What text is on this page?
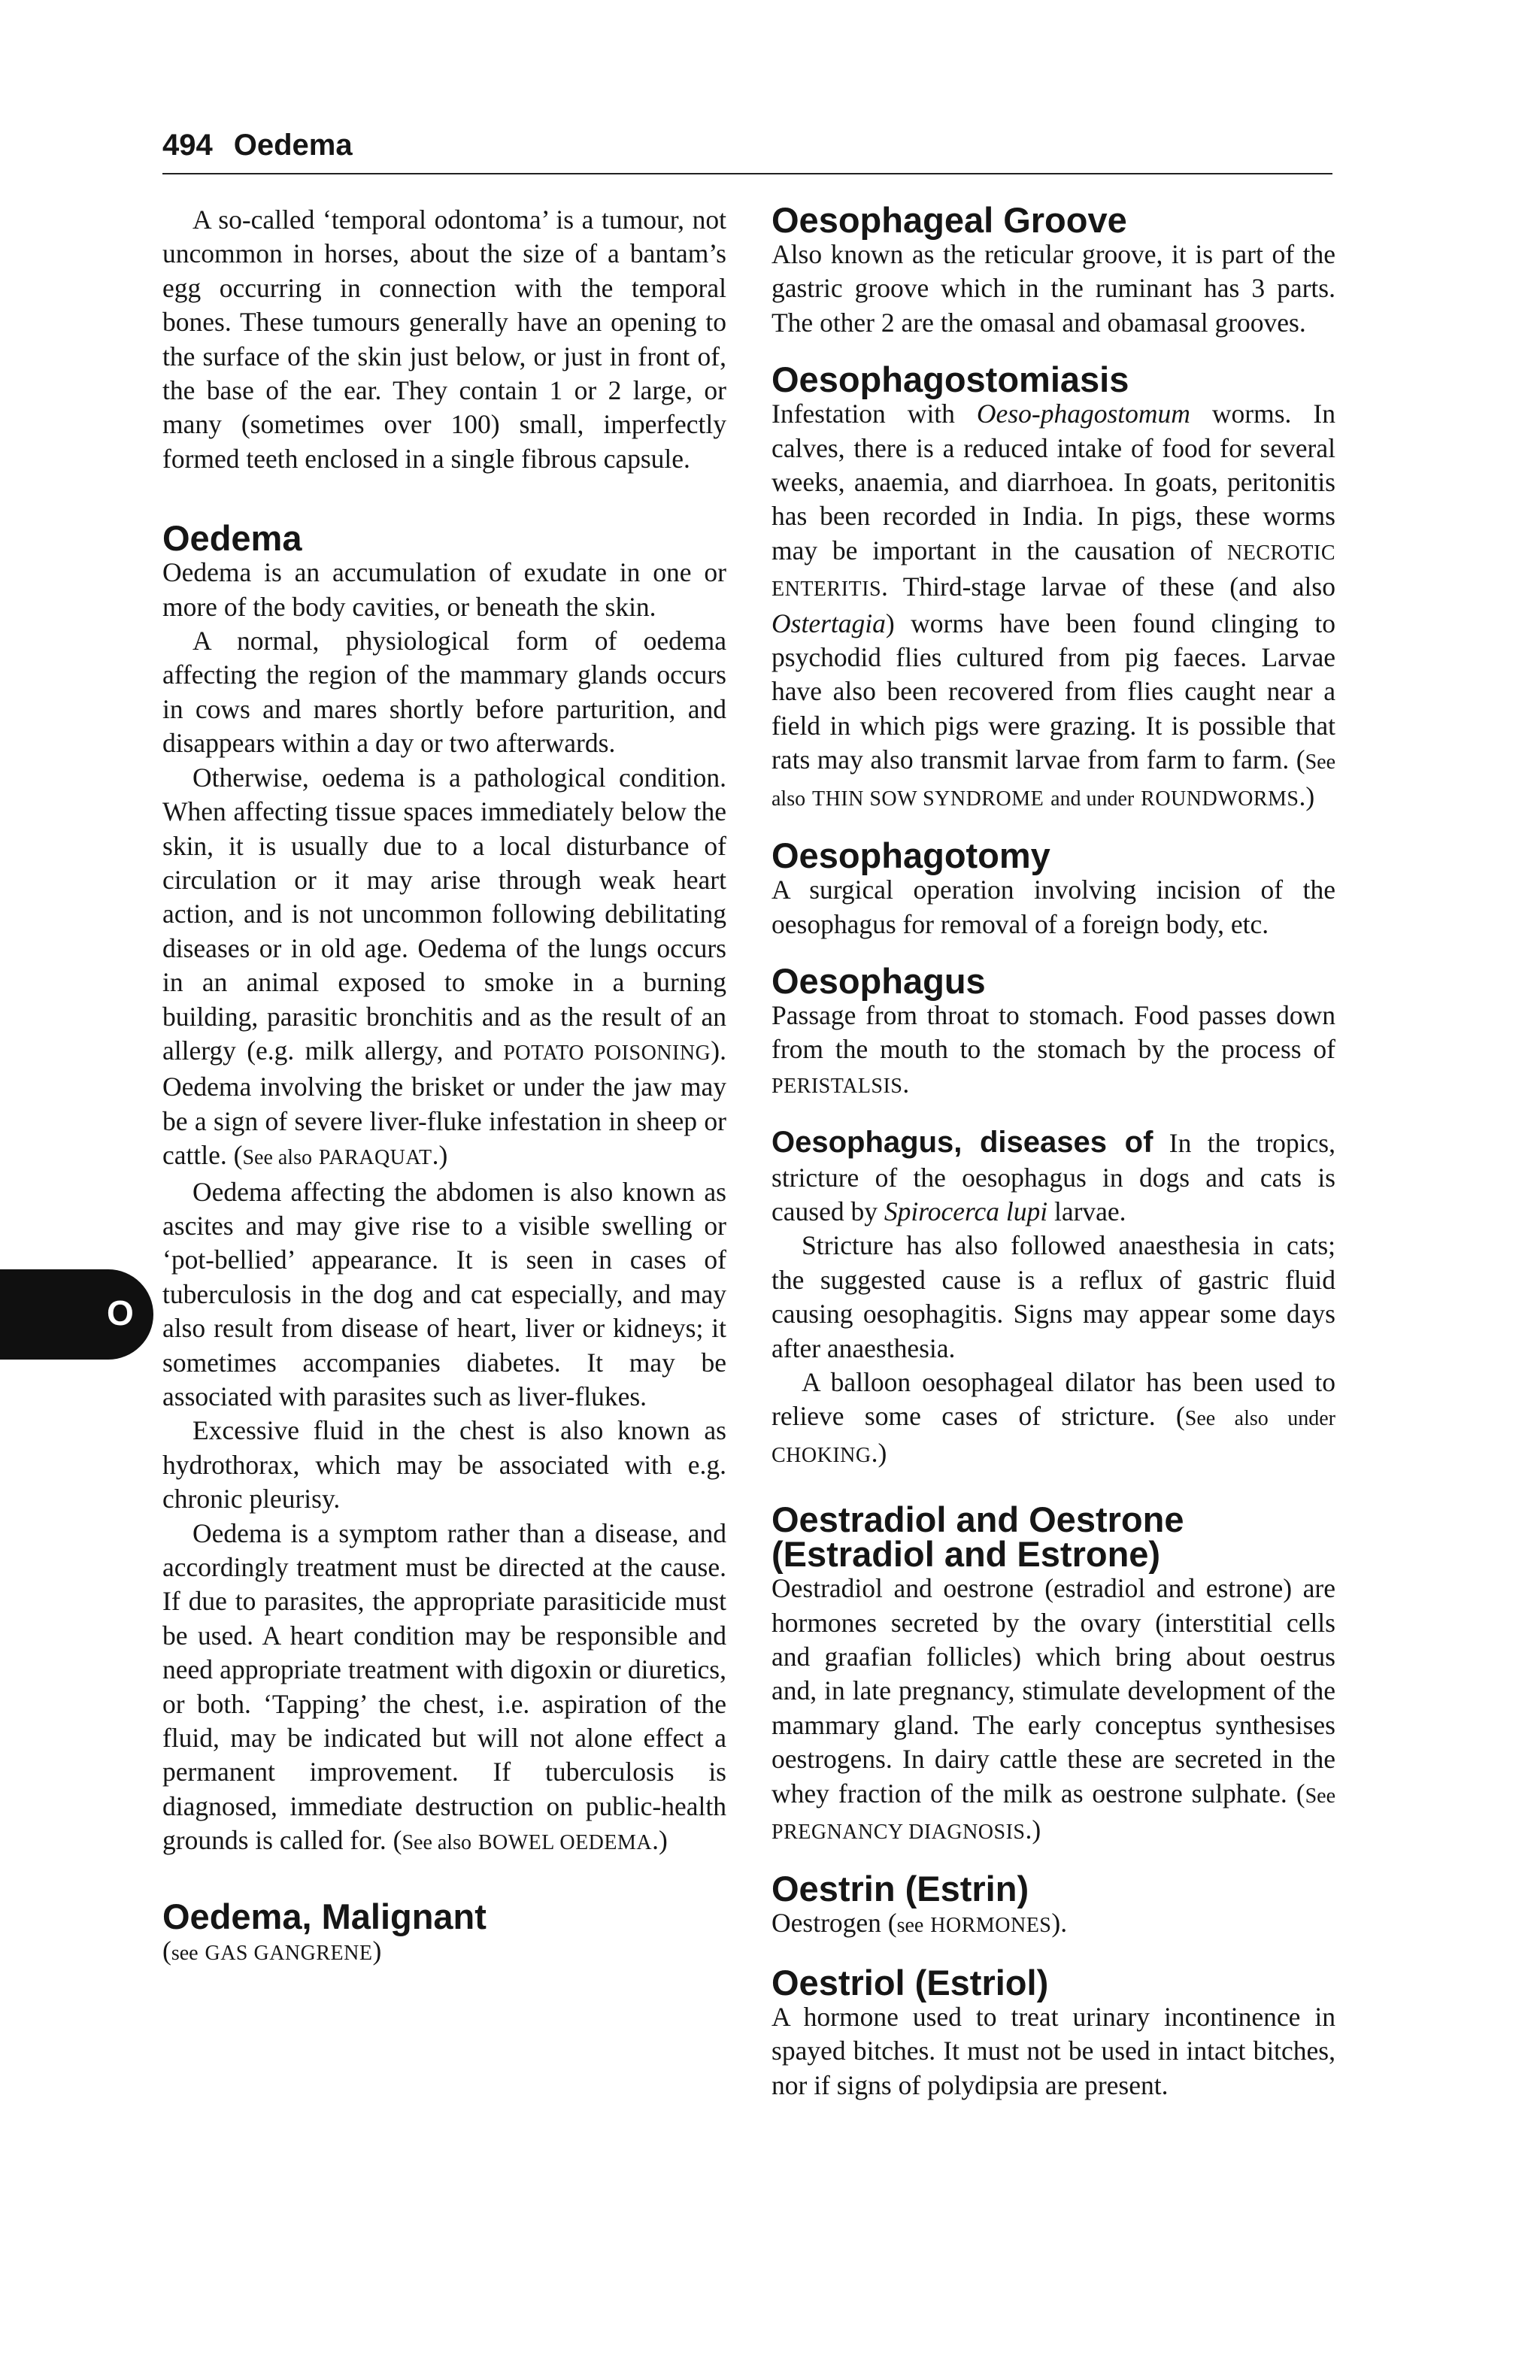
494 Oedema
O

A so-called ‘temporal odontoma’ is a tumour, not uncommon in horses, about the size of a bantam’s egg occurring in connection with the temporal bones. These tumours generally have an opening to the surface of the skin just below, or just in front of, the base of the ear. They contain 1 or 2 large, or many (sometimes over 100) small, imperfectly formed teeth enclosed in a single fibrous capsule.

Oedema

Oedema is an accumulation of exudate in one or more of the body cavities, or beneath the skin.

A normal, physiological form of oedema affecting the region of the mammary glands occurs in cows and mares shortly before parturition, and disappears within a day or two afterwards.

Otherwise, oedema is a pathological condition. When affecting tissue spaces immediately below the skin, it is usually due to a local disturbance of circulation or it may arise through weak heart action, and is not uncommon following debilitating diseases or in old age. Oedema of the lungs occurs in an animal exposed to smoke in a burning building, parasitic bronchitis and as the result of an allergy (e.g. milk allergy, and POTATO POISONING). Oedema involving the brisket or under the jaw may be a sign of severe liver-fluke infestation in sheep or cattle. (See also PARAQUAT.)

Oedema affecting the abdomen is also known as ascites and may give rise to a visible swelling or ‘pot-bellied’ appearance. It is seen in cases of tuberculosis in the dog and cat especially, and may also result from disease of heart, liver or kidneys; it sometimes accompanies diabetes. It may be associated with parasites such as liver-flukes.

Excessive fluid in the chest is also known as hydrothorax, which may be associated with e.g. chronic pleurisy.

Oedema is a symptom rather than a disease, and accordingly treatment must be directed at the cause. If due to parasites, the appropriate parasiticide must be used. A heart condition may be responsible and need appropriate treatment with digoxin or diuretics, or both. ‘Tapping’ the chest, i.e. aspiration of the fluid, may be indicated but will not alone effect a permanent improvement. If tuberculosis is diagnosed, immediate destruction on public-health grounds is called for. (See also BOWEL OEDEMA.)

Oedema, Malignant

(see GAS GANGRENE)

Oesophageal Groove

Also known as the reticular groove, it is part of the gastric groove which in the ruminant has 3 parts. The other 2 are the omasal and obamasal grooves.

Oesophagostomiasis

Infestation with Oeso-phagostomum worms. In calves, there is a reduced intake of food for several weeks, anaemia, and diarrhoea. In goats, peritonitis has been recorded in India. In pigs, these worms may be important in the causation of NECROTIC ENTERITIS. Third-stage larvae of these (and also Ostertagia) worms have been found clinging to psychodid flies cultured from pig faeces. Larvae have also been recovered from flies caught near a field in which pigs were grazing. It is possible that rats may also transmit larvae from farm to farm. (See also THIN SOW SYNDROME and under ROUNDWORMS.)

Oesophagotomy

A surgical operation involving incision of the oesophagus for removal of a foreign body, etc.

Oesophagus

Passage from throat to stomach. Food passes down from the mouth to the stomach by the process of PERISTALSIS.

Oesophagus, diseases of In the tropics, stricture of the oesophagus in dogs and cats is caused by Spirocerca lupi larvae.

Stricture has also followed anaesthesia in cats; the suggested cause is a reflux of gastric fluid causing oesophagitis. Signs may appear some days after anaesthesia.

A balloon oesophageal dilator has been used to relieve some cases of stricture. (See also under CHOKING.)

Oestradiol and Oestrone (Estradiol and Estrone)

Oestradiol and oestrone (estradiol and estrone) are hormones secreted by the ovary (interstitial cells and graafian follicles) which bring about oestrus and, in late pregnancy, stimulate development of the mammary gland. The early conceptus synthesises oestrogens. In dairy cattle these are secreted in the whey fraction of the milk as oestrone sulphate. (See PREGNANCY DIAGNOSIS.)

Oestrin (Estrin)

Oestrogen (see HORMONES).

Oestriol (Estriol)

A hormone used to treat urinary incontinence in spayed bitches. It must not be used in intact bitches, nor if signs of polydipsia are present.
